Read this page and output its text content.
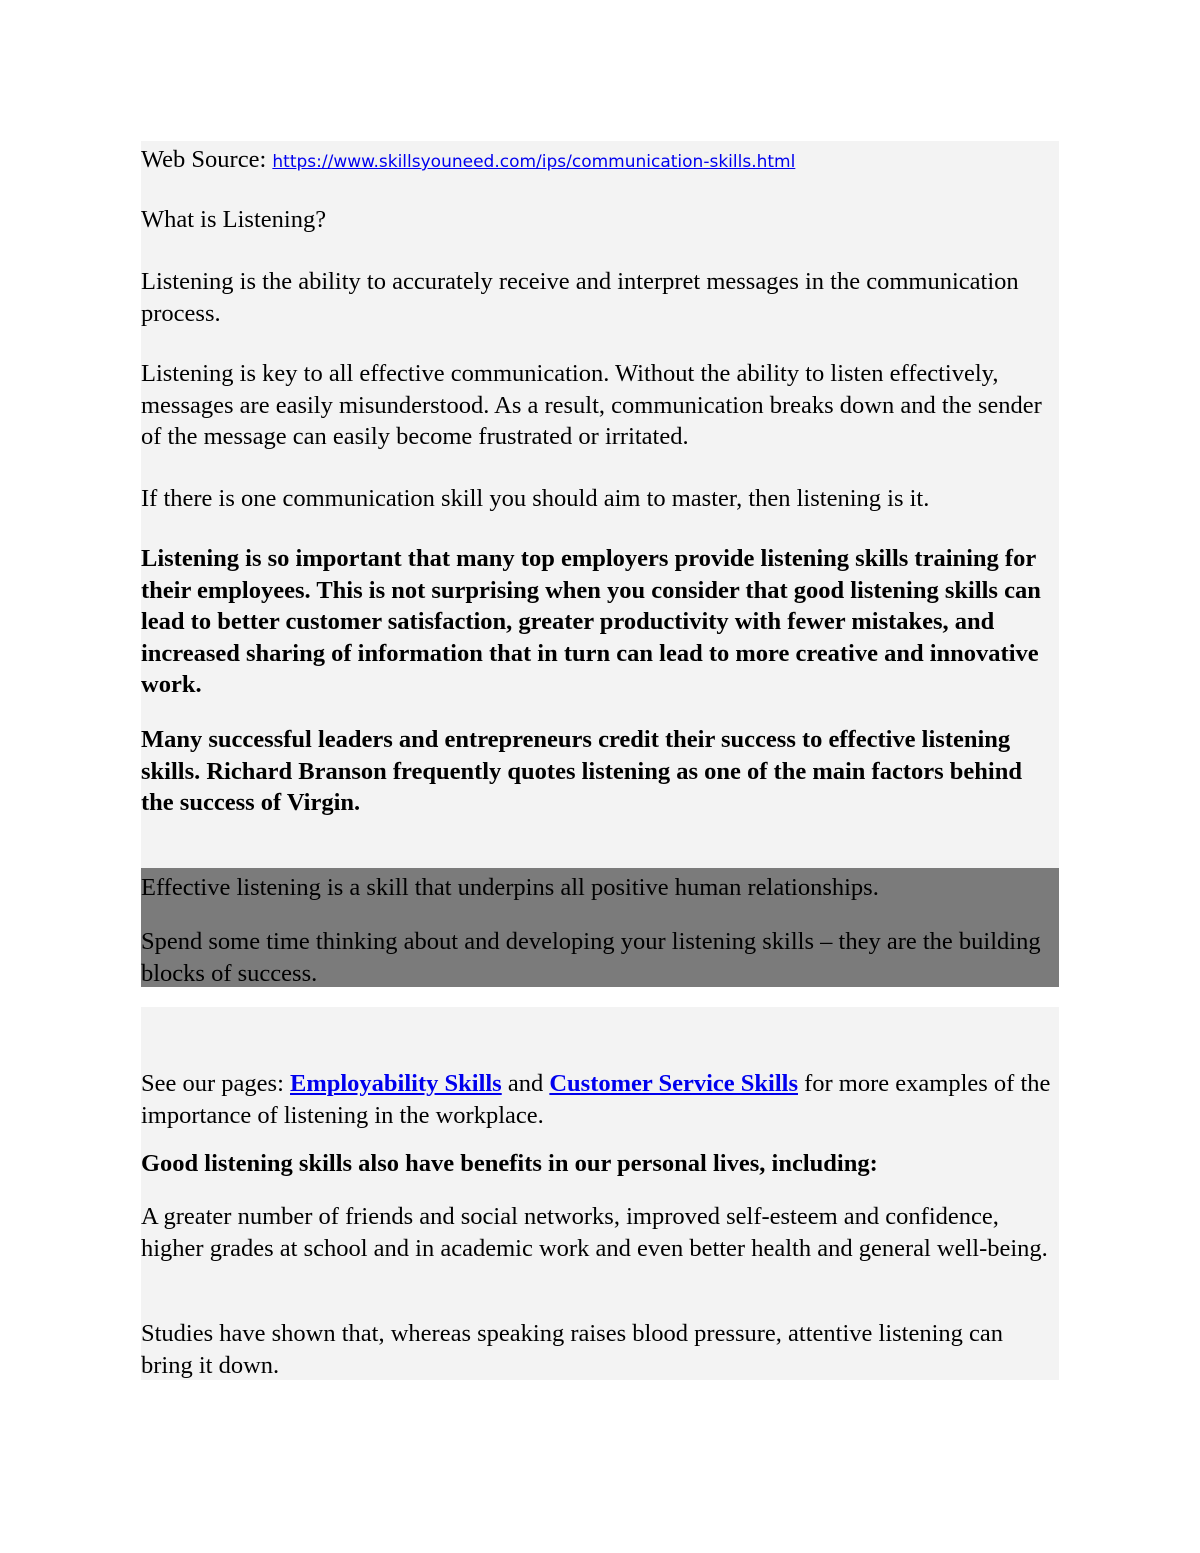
Web Source: https://www.skillsyouneed.com/ips/communication-skills.html

What is Listening?

Listening is the ability to accurately receive and interpret messages in the communication process.

Listening is key to all effective communication. Without the ability to listen effectively, messages are easily misunderstood. As a result, communication breaks down and the sender of the message can easily become frustrated or irritated.

If there is one communication skill you should aim to master, then listening is it.

Listening is so important that many top employers provide listening skills training for their employees. This is not surprising when you consider that good listening skills can lead to better customer satisfaction, greater productivity with fewer mistakes, and increased sharing of information that in turn can lead to more creative and innovative work.

Many successful leaders and entrepreneurs credit their success to effective listening skills. Richard Branson frequently quotes listening as one of the main factors behind the success of Virgin.

Effective listening is a skill that underpins all positive human relationships.

Spend some time thinking about and developing your listening skills – they are the building blocks of success.

See our pages: Employability Skills and Customer Service Skills for more examples of the importance of listening in the workplace.

Good listening skills also have benefits in our personal lives, including:

A greater number of friends and social networks, improved self-esteem and confidence, higher grades at school and in academic work and even better health and general well-being.

Studies have shown that, whereas speaking raises blood pressure, attentive listening can bring it down.
